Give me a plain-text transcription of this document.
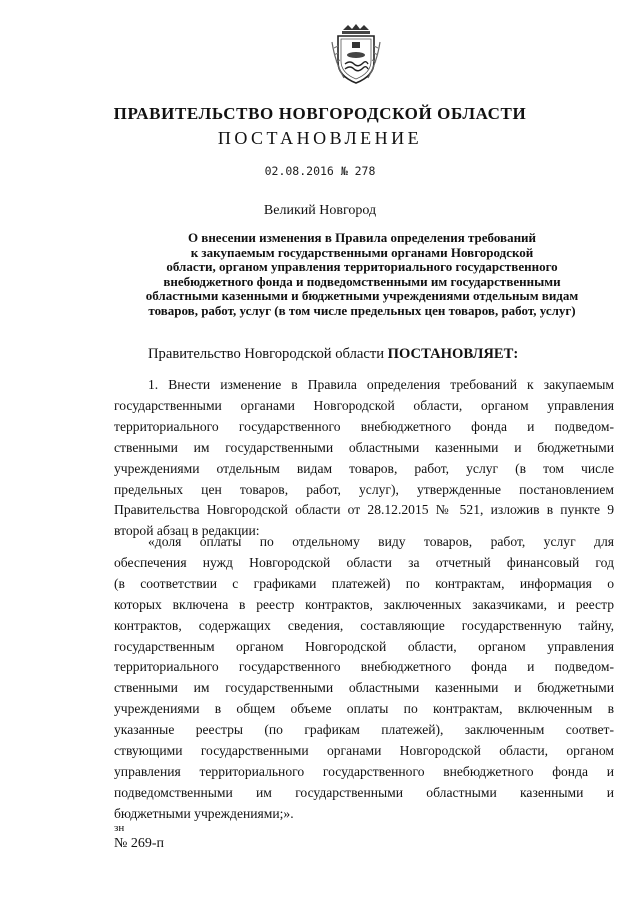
ПРАВИТЕЛЬСТВО НОВГОРОДСКОЙ ОБЛАСТИ
ПОСТАНОВЛЕНИЕ
02.08.2016 № 278
Великий Новгород
О внесении изменения в Правила определения требований
к закупаемым государственными органами Новгородской
области, органом управления территориального государственного
внебюджетного фонда и подведомственными им государственными
областными казенными и бюджетными учреждениями отдельным видам
товаров, работ, услуг (в том числе предельных цен товаров, работ, услуг)
Правительство Новгородской области ПОСТАНОВЛЯЕТ:
1. Внести изменение в Правила определения требований к закупаемым
государственными органами Новгородской области, органом управления
территориального государственного внебюджетного фонда и подведом-
ственными им государственными областными казенными и бюджетными
учреждениями отдельным видам товаров, работ, услуг (в том числе
предельных цен товаров, работ, услуг), утвержденные постановлением
Правительства Новгородской области от 28.12.2015 № 521, изложив в пункте 9
второй абзац в редакции:
«доля оплаты по отдельному виду товаров, работ, услуг для
обеспечения нужд Новгородской области за отчетный финансовый год
(в соответствии с графиками платежей) по контрактам, информация о
которых включена в реестр контрактов, заключенных заказчиками, и реестр
контрактов, содержащих сведения, составляющие государственную тайну,
государственным органом Новгородской области, органом управления
территориального государственного внебюджетного фонда и подведом-
ственными им государственными областными казенными и бюджетными
учреждениями в общем объеме оплаты по контрактам, включенным в
указанные реестры (по графикам платежей), заключенным соответ-
ствующими государственными органами Новгородской области, органом
управления территориального государственного внебюджетного фонда и
подведомственными им государственными областными казенными и
бюджетными учреждениями;».
зн
№ 269-п
